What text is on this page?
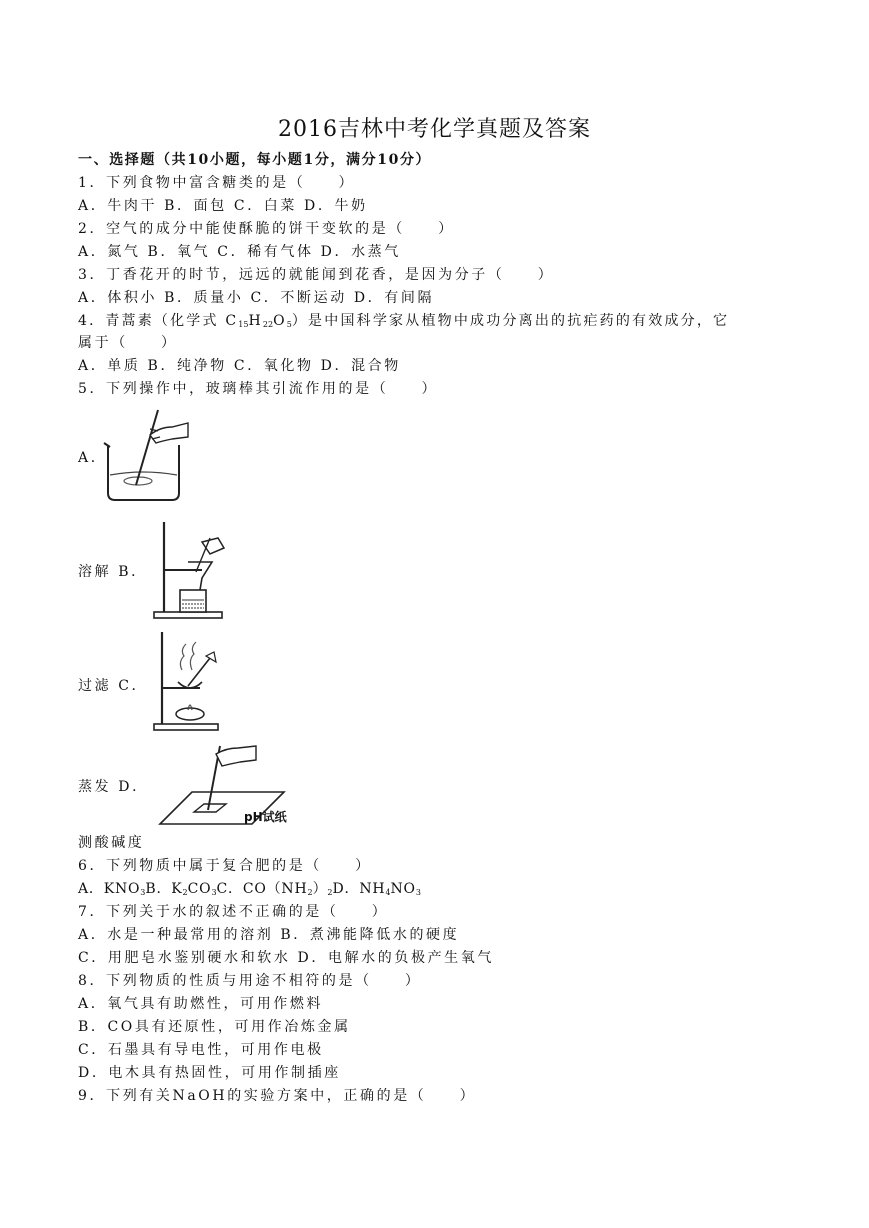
2016吉林中考化学真题及答案
一、选择题（共10小题，每小题1分，满分10分）
1．下列食物中富含糖类的是（　　）
A．牛肉干 B．面包 C．白菜 D．牛奶
2．空气的成分中能使酥脆的饼干变软的是（　　）
A．氮气 B．氧气 C．稀有气体 D．水蒸气
3．丁香花开的时节，远远的就能闻到花香，是因为分子（　　）
A．体积小 B．质量小 C．不断运动 D．有间隔
4．青蒿素（化学式 $C_{15}H_{22}O_5$）是中国科学家从植物中成功分离出的抗疟药的有效成分，它
属于（　　）
A．单质 B．纯净物 C．氧化物 D．混合物
5．下列操作中，玻璃棒其引流作用的是（　　）
A．
溶解 B．
过滤 C．
蒸发 D．
pH试纸
测酸碱度
6．下列物质中属于复合肥的是（　　）
A．$KNO_3B$．$K_2CO_3C$．$CO(NH_2)_2D$．$NH_4NO_3$
7．下列关于水的叙述不正确的是（　　）
A．水是一种最常用的溶剂 B．煮沸能降低水的硬度
C．用肥皂水鉴别硬水和软水 D．电解水的负极产生氧气
8．下列物质的性质与用途不相符的是（　　）
A．氧气具有助燃性，可用作燃料
B．CO具有还原性，可用作冶炼金属
C．石墨具有导电性，可用作电极
D．电木具有热固性，可用作制插座
9．下列有关NaOH的实验方案中，正确的是（　　）
